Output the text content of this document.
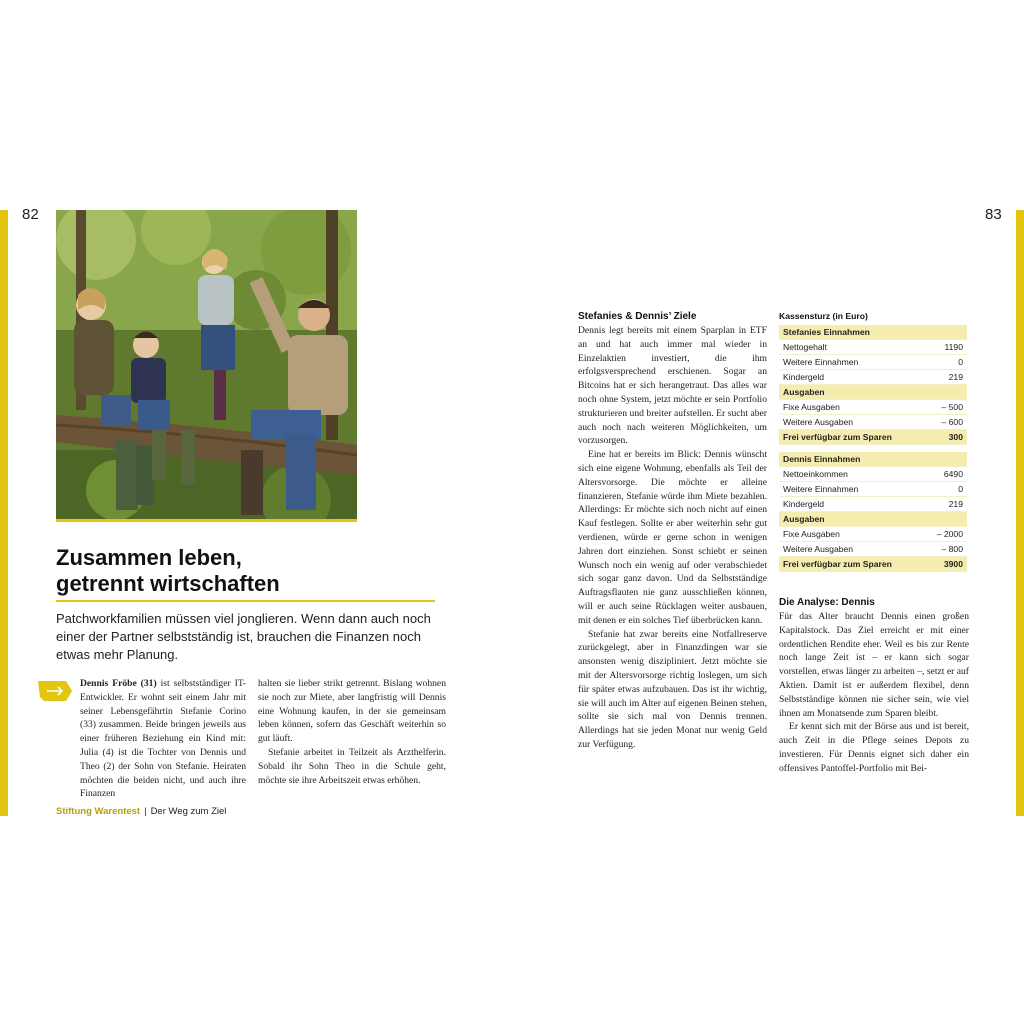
82	83
Zusammen leben,
getrennt wirtschaften
Patchworkfamilien müssen viel jonglieren. Wenn dann auch noch einer der Partner selbstständig ist, brauchen die Finanzen noch etwas mehr Planung.

Dennis Fröbe (31) ist selbstständiger IT-Entwickler. Er wohnt seit einem Jahr mit seiner Lebensgefährtin Stefanie Corino (33) zusammen. Beide bringen jeweils aus einer früheren Beziehung ein Kind mit: Julia (4) ist die Tochter von Dennis und Theo (2) der Sohn von Stefanie. Heiraten möchten die beiden nicht, und auch ihre Finanzen

halten sie lieber strikt getrennt. Bislang wohnen sie noch zur Miete, aber langfristig will Dennis eine Wohnung kaufen, in der sie gemeinsam leben können, sofern das Geschäft weiterhin so gut läuft.

Stefanie arbeitet in Teilzeit als Arzthelferin. Sobald ihr Sohn Theo in die Schule geht, möchte sie ihre Arbeitszeit etwas erhöhen.

Stefanies & Dennis’ Ziele

Dennis legt bereits mit einem Sparplan in ETF an und hat auch immer mal wieder in Einzelaktien investiert, die ihm erfolgsversprechend erschienen. Sogar an Bitcoins hat er sich herangetraut. Das alles war noch ohne System, jetzt möchte er sein Portfolio strukturieren und breiter aufstellen. Er sucht aber auch noch nach weiteren Möglichkeiten, um vorzusorgen.

Eine hat er bereits im Blick: Dennis wünscht sich eine eigene Wohnung, ebenfalls als Teil der Altersvorsorge. Die möchte er alleine finanzieren, Stefanie würde ihm Miete bezahlen. Allerdings: Er möchte sich noch nicht auf einen Kauf festlegen. Sollte er aber weiterhin sehr gut verdienen, würde er gerne schon in wenigen Jahren dort einziehen. Sonst schiebt er seinen Wunsch noch ein wenig auf oder verabschiedet sich sogar ganz davon. Und da Selbstständige Auftragsflauten nie ganz ausschließen können, will er auch seine Rücklagen weiter ausbauen, mit denen er ein solches Tief überbrücken kann.

Stefanie hat zwar bereits eine Notfallreserve zurückgelegt, aber in Finanzdingen war sie ansonsten wenig diszipliniert. Jetzt möchte sie mit der Altersvorsorge richtig loslegen, um sich für später etwas aufzubauen. Das ist ihr wichtig, sie will auch im Alter auf eigenen Beinen stehen, sollte sie sich mal von Dennis trennen. Allerdings hat sie jeden Monat nur wenig Geld zur Verfügung.

Kassensturz (in Euro)
Stefanies Einnahmen
Nettogehalt	1190
Weitere Einnahmen	0
Kindergeld	219
Ausgaben
Fixe Ausgaben	– 500
Weitere Ausgaben	– 600
Frei verfügbar zum Sparen	300
Dennis Einnahmen
Nettoeinkommen	6490
Weitere Einnahmen	0
Kindergeld	219
Ausgaben
Fixe Ausgaben	– 2000
Weitere Ausgaben	– 800
Frei verfügbar zum Sparen	3900
Die Analyse: Dennis

Für das Alter braucht Dennis einen großen Kapitalstock. Das Ziel erreicht er mit einer ordentlichen Rendite eher. Weil es bis zur Rente noch lange Zeit ist – er kann sich sogar vorstellen, etwas länger zu arbeiten –, setzt er auf Aktien. Damit ist er außerdem flexibel, denn Selbstständige können nie sicher sein, wie viel ihnen am Monatsende zum Sparen bleibt.

Er kennt sich mit der Börse aus und ist bereit, auch Zeit in die Pflege seines Depots zu investieren. Für Dennis eignet sich daher ein offensives Pantoffel-Portfolio mit Bei-

Stiftung Warentest | Der Weg zum Ziel
